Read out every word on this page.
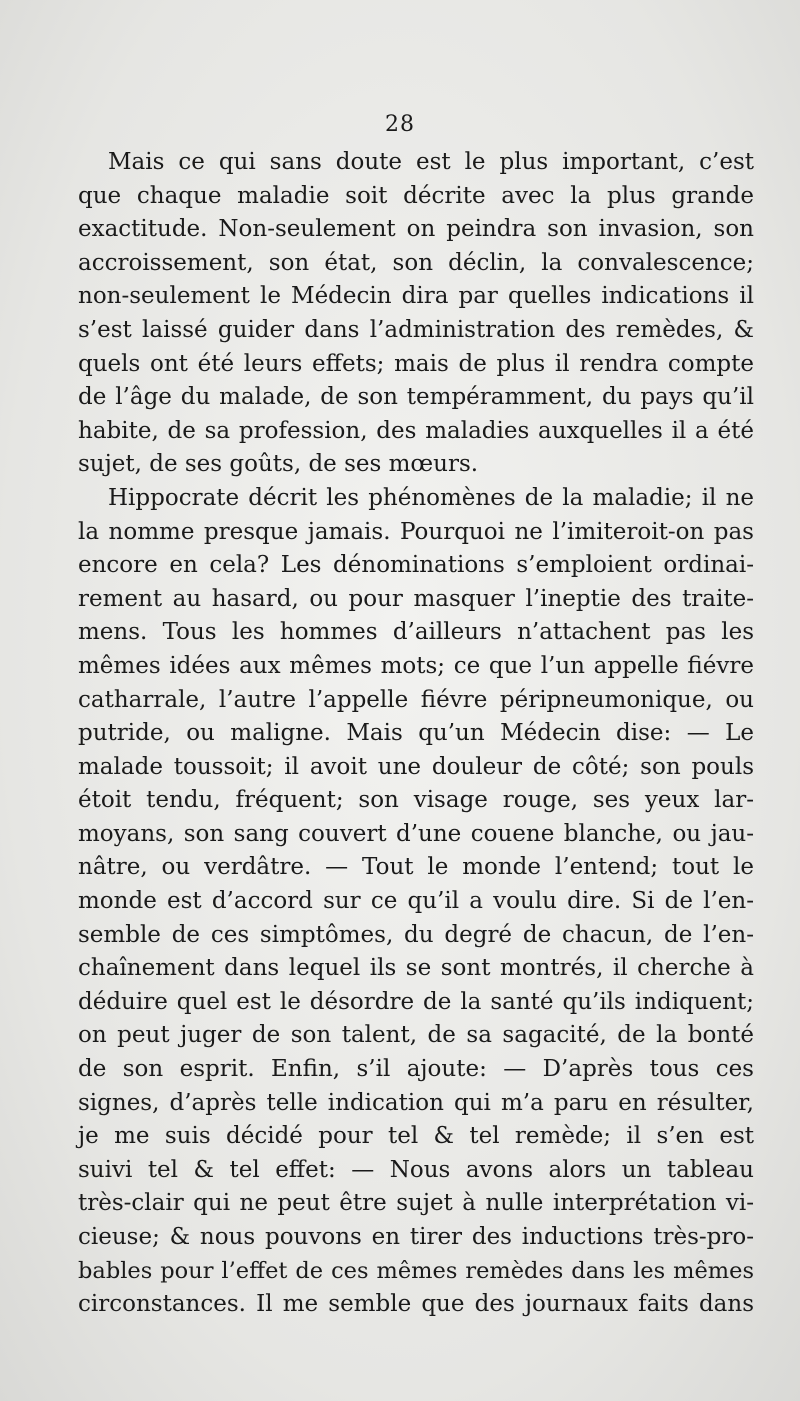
28
Mais ce qui sans doute est le plus important, c’est
que chaque maladie soit décrite avec la plus grande
exactitude. Non-seulement on peindra son invasion, son
accroissement, son état, son déclin, la convalescence;
non-seulement le Médecin dira par quelles indications il
s’est laissé guider dans l’administration des remèdes, &
quels ont été leurs effets; mais de plus il rendra compte
de l’âge du malade, de son tempéramment, du pays qu’il
habite, de sa profession, des maladies auxquelles il a été
sujet, de ses goûts, de ses mœurs.
Hippocrate décrit les phénomènes de la maladie; il ne
la nomme presque jamais. Pourquoi ne l’imiteroit-on pas
encore en cela? Les dénominations s’emploient ordinai-
rement au hasard, ou pour masquer l’ineptie des traite-
mens. Tous les hommes d’ailleurs n’attachent pas les
mêmes idées aux mêmes mots; ce que l’un appelle fiévre
catharrale, l’autre l’appelle fiévre péripneumonique, ou
putride, ou maligne. Mais qu’un Médecin dise: — Le
malade toussoit; il avoit une douleur de côté; son pouls
étoit tendu, fréquent; son visage rouge, ses yeux lar-
moyans, son sang couvert d’une couene blanche, ou jau-
nâtre, ou verdâtre. — Tout le monde l’entend; tout le
monde est d’accord sur ce qu’il a voulu dire. Si de l’en-
semble de ces simptômes, du degré de chacun, de l’en-
chaînement dans lequel ils se sont montrés, il cherche à
déduire quel est le désordre de la santé qu’ils indiquent;
on peut juger de son talent, de sa sagacité, de la bonté
de son esprit. Enfin, s’il ajoute: — D’après tous ces
signes, d’après telle indication qui m’a paru en résulter,
je me suis décidé pour tel & tel remède; il s’en est
suivi tel & tel effet: — Nous avons alors un tableau
très-clair qui ne peut être sujet à nulle interprétation vi-
cieuse; & nous pouvons en tirer des inductions très-pro-
bables pour l’effet de ces mêmes remèdes dans les mêmes
circonstances. Il me semble que des journaux faits dans
